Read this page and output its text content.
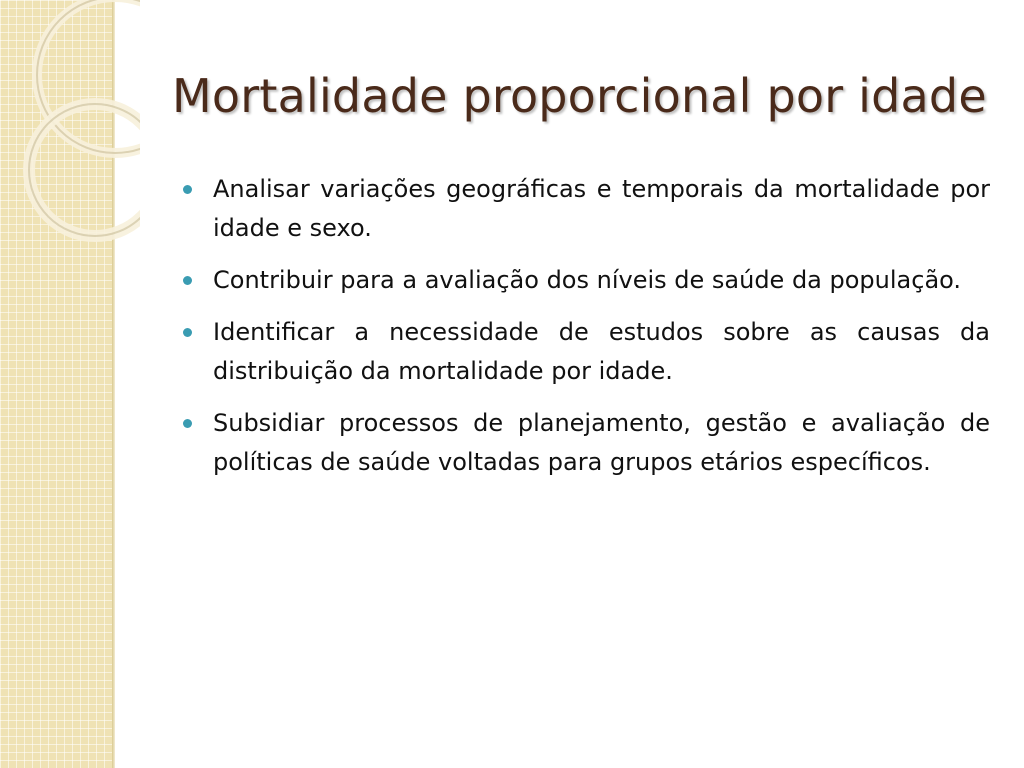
Mortalidade proporcional por idade
Analisar variações geográficas e temporais da mortalidade por idade e sexo.
Contribuir para a avaliação dos níveis de saúde da população.
Identificar a necessidade de estudos sobre as causas da distribuição da mortalidade por idade.
Subsidiar processos de planejamento, gestão e avaliação de políticas de saúde voltadas para grupos etários específicos.
